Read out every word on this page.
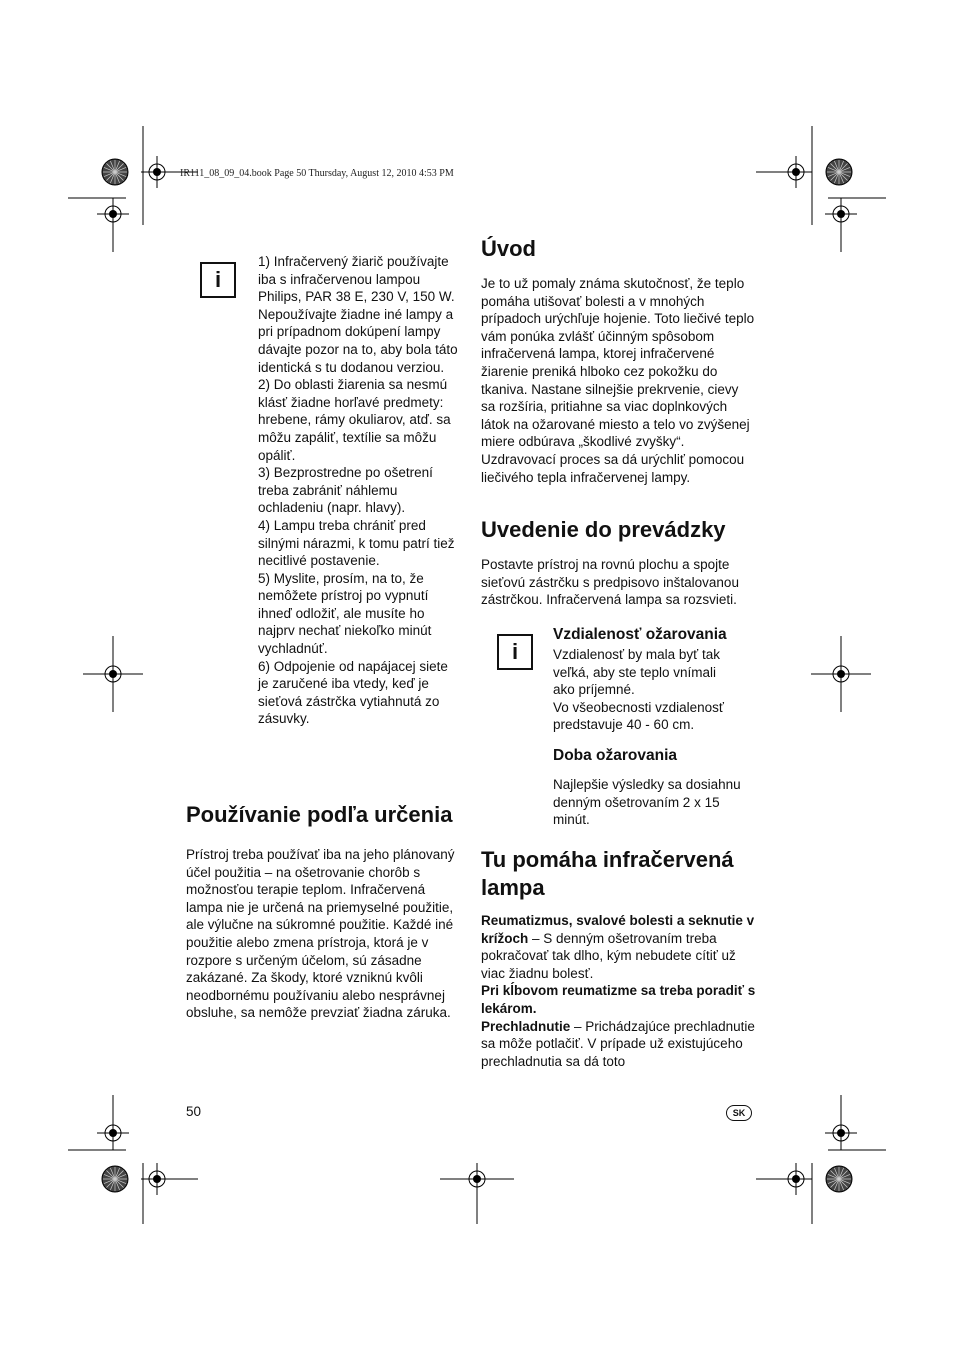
IR111_08_09_04.book Page 50 Thursday, August 12, 2010 4:53 PM
i

1) Infračervený žiarič používajte iba s infračervenou lampou Philips, PAR 38 E, 230 V, 150 W.

Nepoužívajte žiadne iné lampy a pri prípadnom dokúpení lampy dávajte pozor na to, aby bola táto identická s tu dodanou verziou.

2) Do oblasti žiarenia sa nesmú klásť žiadne horľavé predmety: hrebene, rámy okuliarov, atď. sa môžu zapáliť, textílie sa môžu opáliť.

3) Bezprostredne po ošetrení treba zabrániť náhlemu ochladeniu (napr. hlavy).

4) Lampu treba chrániť pred silnými nárazmi, k tomu patrí tiež necitlivé postavenie.

5) Myslite, prosím, na to, že nemôžete prístroj po vypnutí ihneď odložiť, ale musíte ho najprv nechať niekoľko minút vychladnúť.

6) Odpojenie od napájacej siete je zaručené iba vtedy, keď je sieťová zástrčka vytiahnutá zo zásuvky.

Používanie podľa určenia

Prístroj treba používať iba na jeho plánovaný účel použitia – na ošetrovanie chorôb s možnosťou terapie teplom. Infračervená lampa nie je určená na priemyselné použitie, ale výlučne na súkromné použitie. Každé iné použitie alebo zmena prístroja, ktorá je v rozpore s určeným účelom, sú zásadne zakázané. Za škody, ktoré vzniknú kvôli neodbornému používaniu alebo nesprávnej obsluhe, sa nemôže prevziať žiadna záruka.

Úvod

Je to už pomaly známa skutočnosť, že teplo pomáha utišovať bolesti a v mnohých prípadoch urýchľuje hojenie. Toto liečivé teplo vám ponúka zvlášť účinným spôsobom infračervená lampa, ktorej infračervené žiarenie preniká hlboko cez pokožku do tkaniva. Nastane silnejšie prekrvenie, cievy sa rozšíria, pritiahne sa viac doplnkových látok na ožarované miesto a telo vo zvýšenej miere odbúrava „škodlivé zvyšky“. Uzdravovací proces sa dá urýchliť pomocou liečivého tepla infračervenej lampy.

Uvedenie do prevádzky

Postavte prístroj na rovnú plochu a spojte sieťovú zástrčku s predpisovo inštalovanou zástrčkou. Infračervená lampa sa rozsvieti.

i
Vzdialenosť ožarovania

Vzdialenosť by mala byť tak veľká, aby ste teplo vnímali ako príjemné.

Vo všeobecnosti vzdialenosť predstavuje 40 - 60 cm.

Doba ožarovania

Najlepšie výsledky sa dosiahnu denným ošetrovaním 2 x 15 minút.

Tu pomáha infračervená lampa

Reumatizmus, svalové bolesti a seknutie v krížoch – S denným ošetrovaním treba pokračovať tak dlho, kým nebudete cítiť už viac žiadnu bolesť.

Pri kĺbovom reumatizme sa treba poradiť s lekárom.

Prechladnutie – Prichádzajúce prechladnutie sa môže potlačiť. V prípade už existujúceho prechladnutia sa dá toto

50	SK
